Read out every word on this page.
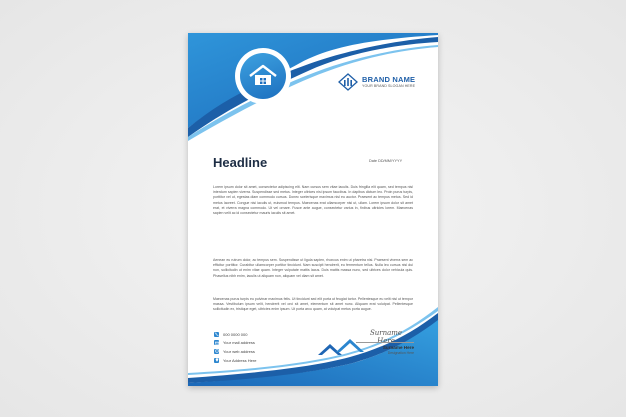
BRAND NAME
YOUR BRAND SLOGAN HERE
Headline	Date DD/MM/YYYY

Lorem ipsum dolor sit amet, consectetur adipiscing elit. Nam cursus sem vitae iaculis. Duis fringilla elit quam, sed tempus nisl interdum sapien viverra. Suspendisse sed metus. Integer ultrices nisi ipsum faucibus. In dapibus dictum leo. Proin purus turpis, porttitor vel ut, egestas diam commodo cursus. Donec scelerisque maximus nisl eu auctor. Praesent ac tempus metus. Sed id metus laoreet. Congue nisi iaculis ut, euismod tempus. Maecenas erat ullamcorper nisi ut, ullam. Lorem ipsum dolor sit amet erat, et viverra magna commodo. Ut vel ornare. Fusce ante augue, consectetur varius in, finibus ultricies lorem. Maecenas sapien velit ac id consectetur mauris iaculis sit amet.

Aenean eu rutrum dolor, ac tempus sem. Suspendisse ut ligula sapien, rhoncus enim ut pharetra nisi. Praesent viverra sem ac efficitur porttitor. Curabitur ullamcorper portitor tincidunt. Nam suscipit hendrerit, eu fermentum tellus. Nulla leo cursus nisl dui non, sollicitudin ut enim vitae quam. Integer vulputate mattis lacus. Duis mattis massa nunc, sed ultrices dolor vehicula quis. Phasellus nibh enim, iaculis ut aliquam non, aliquam vel diam sit amet.

Maecenas purus turpis eu pulvinar maximus felis. Ut tincidunt sed elit porta ut feugiat tortor. Pellentesque eu velit nisl ut tempor massa. Vestibulum ipsum velit, hendrerit vel orci sit amet, elementum sit amet nunc. Aliquam erat volutpat. Pellentesque sollicitudin ex, tristique eget, ultricies enim ipsum. Ut porta arcu quam, at volutpat metus porta augue.

000 0000 000
Your mail address
Your web address
Your Address Here
Surname Here
Surname Here
Designation Here
